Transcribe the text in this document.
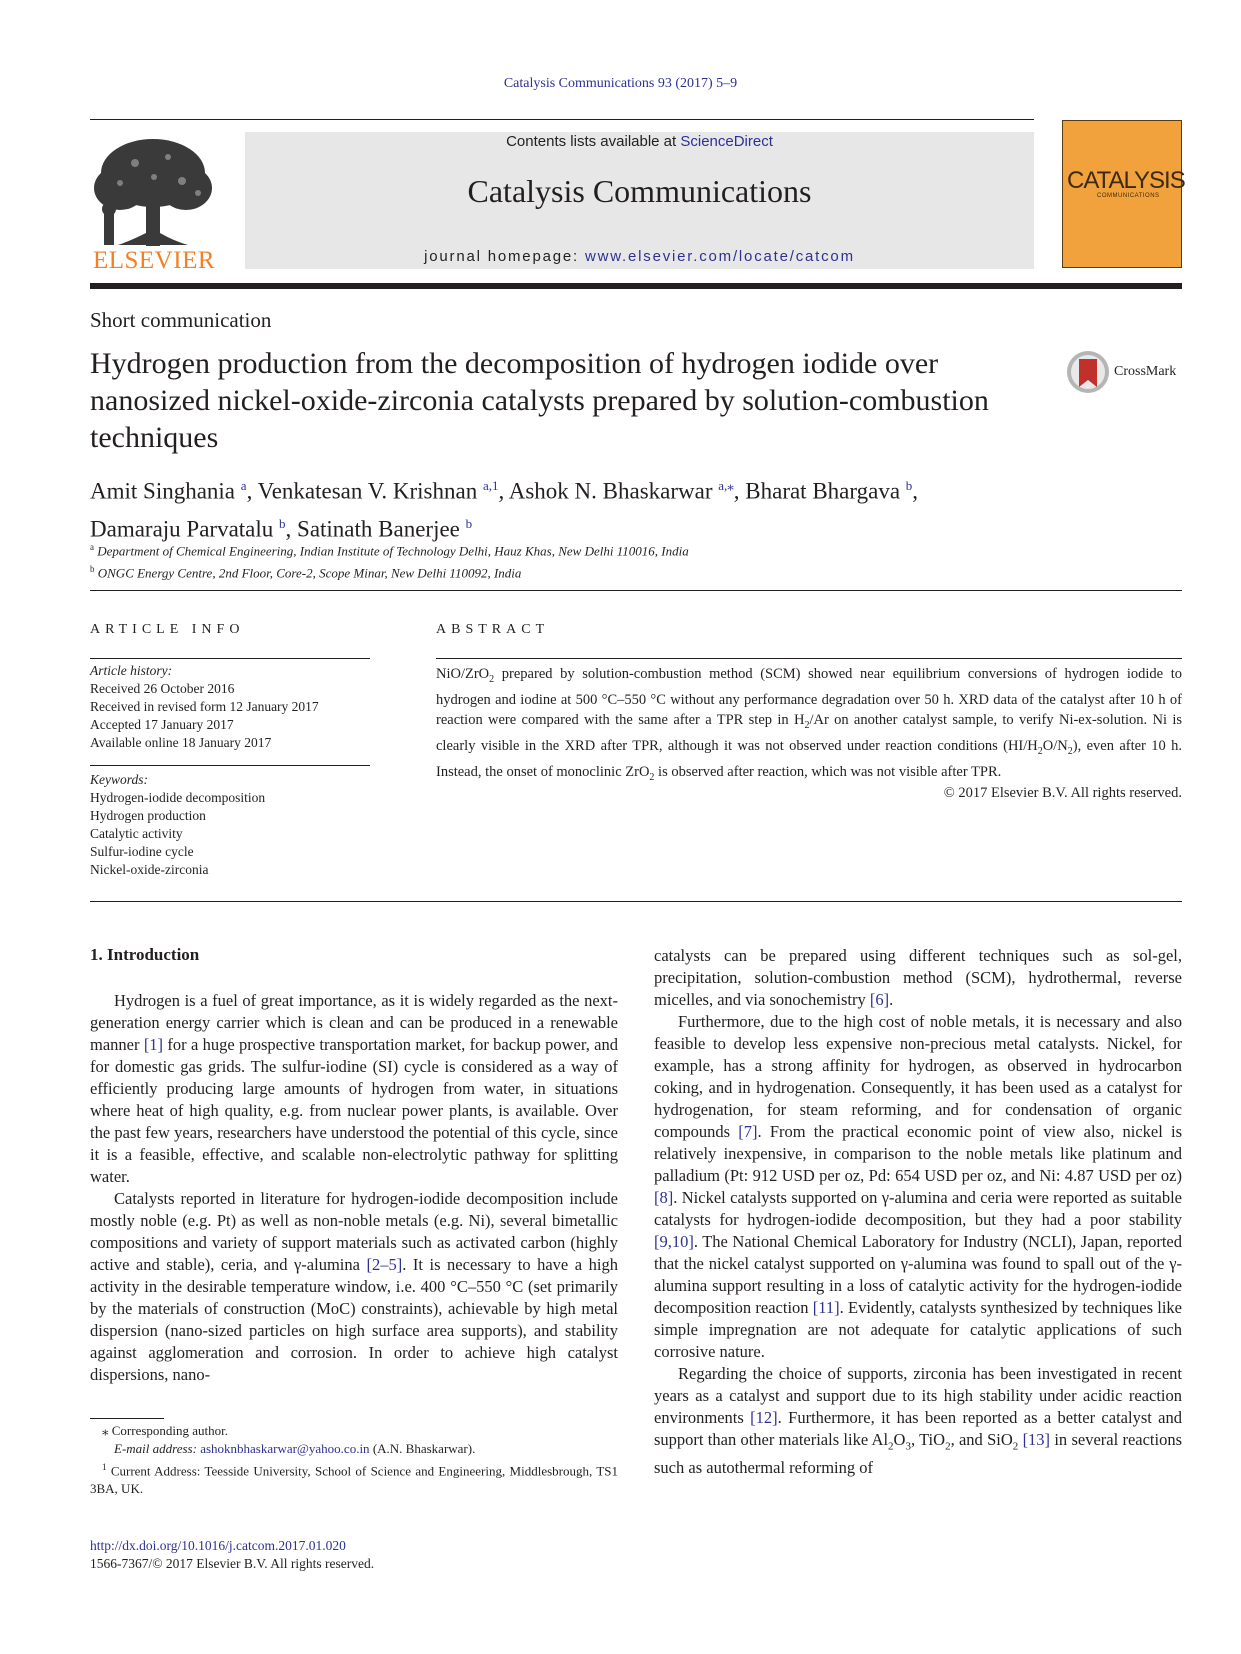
Catalysis Communications 93 (2017) 5–9
ELSEVIER
Contents lists available at ScienceDirect
Catalysis Communications
journal homepage: www.elsevier.com/locate/catcom
CATALYSIS
COMMUNICATIONS
Short communication
Hydrogen production from the decomposition of hydrogen iodide over nanosized nickel-oxide-zirconia catalysts prepared by solution-combustion techniques
CrossMark
Amit Singhania $^a$, Venkatesan V. Krishnan $^{a,1}$, Ashok N. Bhaskarwar $^{a,⁎}$, Bharat Bhargava $^b$,
Damaraju Parvatalu $^b$, Satinath Banerjee $^b$
$^a$ Department of Chemical Engineering, Indian Institute of Technology Delhi, Hauz Khas, New Delhi 110016, India
$^b$ ONGC Energy Centre, 2nd Floor, Core-2, Scope Minar, New Delhi 110092, India
ARTICLE INFO	ABSTRACT
Article history:
Received 26 October 2016
Received in revised form 12 January 2017
Accepted 17 January 2017
Available online 18 January 2017
Keywords:
Hydrogen-iodide decomposition
Hydrogen production
Catalytic activity
Sulfur-iodine cycle
Nickel-oxide-zirconia
NiO/ZrO$_2$ prepared by solution-combustion method (SCM) showed near equilibrium conversions of hydrogen iodide to hydrogen and iodine at 500 °C–550 °C without any performance degradation over 50 h. XRD data of the catalyst after 10 h of reaction were compared with the same after a TPR step in $H_2/Ar$ on another catalyst sample, to verify Ni-ex-solution. Ni is clearly visible in the XRD after TPR, although it was not observed under reaction conditions $(HI/H_2O/N_2)$, even after 10 h. Instead, the onset of monoclinic ZrO$_2$ is observed after reaction, which was not visible after TPR.
© 2017 Elsevier B.V. All rights reserved.
1. Introduction

Hydrogen is a fuel of great importance, as it is widely regarded as the next-generation energy carrier which is clean and can be produced in a renewable manner [1] for a huge prospective transportation market, for backup power, and for domestic gas grids. The sulfur-iodine (SI) cycle is considered as a way of efficiently producing large amounts of hydrogen from water, in situations where heat of high quality, e.g. from nuclear power plants, is available. Over the past few years, researchers have understood the potential of this cycle, since it is a feasible, effective, and scalable non-electrolytic pathway for splitting water.

Catalysts reported in literature for hydrogen-iodide decomposition include mostly noble (e.g. Pt) as well as non-noble metals (e.g. Ni), several bimetallic compositions and variety of support materials such as activated carbon (highly active and stable), ceria, and γ-alumina [2–5]. It is necessary to have a high activity in the desirable temperature window, i.e. 400 °C–550 °C (set primarily by the materials of construction (MoC) constraints), achievable by high metal dispersion (nano-sized particles on high surface area supports), and stability against agglomeration and corrosion. In order to achieve high catalyst dispersions, nano-

catalysts can be prepared using different techniques such as sol-gel, precipitation, solution-combustion method (SCM), hydrothermal, reverse micelles, and via sonochemistry [6].

Furthermore, due to the high cost of noble metals, it is necessary and also feasible to develop less expensive non-precious metal catalysts. Nickel, for example, has a strong affinity for hydrogen, as observed in hydrocarbon coking, and in hydrogenation. Consequently, it has been used as a catalyst for hydrogenation, for steam reforming, and for condensation of organic compounds [7]. From the practical economic point of view also, nickel is relatively inexpensive, in comparison to the noble metals like platinum and palladium (Pt: 912 USD per oz, Pd: 654 USD per oz, and Ni: 4.87 USD per oz) [8]. Nickel catalysts supported on γ-alumina and ceria were reported as suitable catalysts for hydrogen-iodide decomposition, but they had a poor stability [9,10]. The National Chemical Laboratory for Industry (NCLI), Japan, reported that the nickel catalyst supported on γ-alumina was found to spall out of the γ-alumina support resulting in a loss of catalytic activity for the hydrogen-iodide decomposition reaction [11]. Evidently, catalysts synthesized by techniques like simple impregnation are not adequate for catalytic applications of such corrosive nature.

Regarding the choice of supports, zirconia has been investigated in recent years as a catalyst and support due to its high stability under acidic reaction environments [12]. Furthermore, it has been reported as a better catalyst and support than other materials like $Al_2O_3$, TiO$_2$, and SiO$_2$ [13] in several reactions such as autothermal reforming of

⁎ Corresponding author.
E-mail address: ashoknbhaskarwar@yahoo.co.in (A.N. Bhaskarwar).
$^1$ Current Address: Teesside University, School of Science and Engineering, Middlesbrough, TS1 3BA, UK.
http://dx.doi.org/10.1016/j.catcom.2017.01.020
1566-7367/© 2017 Elsevier B.V. All rights reserved.
